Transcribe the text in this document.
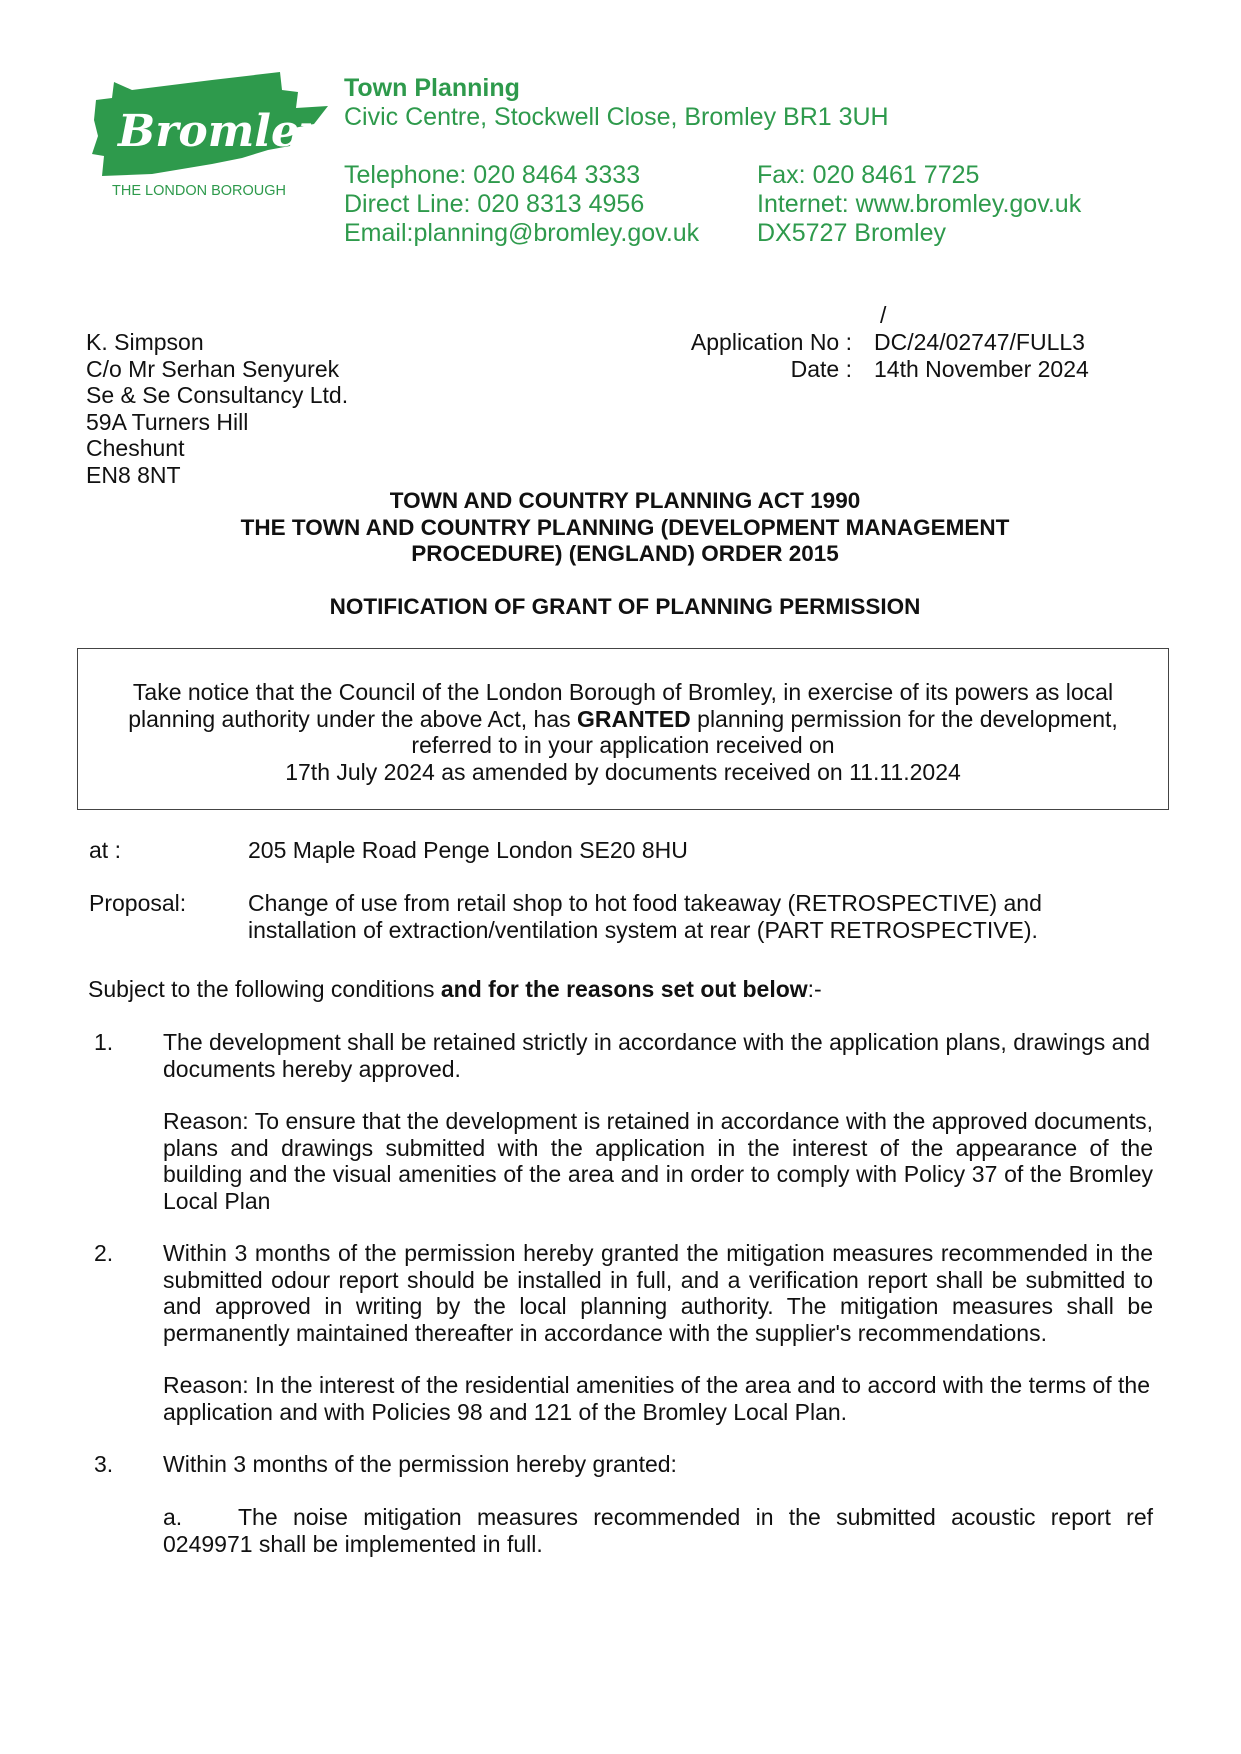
Bromley
THE LONDON BOROUGH
Town Planning
Civic Centre, Stockwell Close, Bromley BR1 3UH
Telephone: 020 8464 3333
Direct Line: 020 8313 4956
Email:planning@bromley.gov.uk
Fax: 020 8461 7725
Internet: www.bromley.gov.uk
DX5727 Bromley
K. Simpson
C/o Mr Serhan Senyurek
Se & Se Consultancy Ltd.
59A Turners Hill
Cheshunt
EN8 8NT
/
Application No :	DC/24/02747/FULL3
Date :	14th November 2024
TOWN AND COUNTRY PLANNING ACT 1990
THE TOWN AND COUNTRY PLANNING (DEVELOPMENT MANAGEMENT
PROCEDURE) (ENGLAND) ORDER 2015
NOTIFICATION OF GRANT OF PLANNING PERMISSION
Take notice that the Council of the London Borough of Bromley, in exercise of its powers as local
planning authority under the above Act, has GRANTED planning permission for the development,
referred to in your application received on
17th July 2024 as amended by documents received on 11.11.2024
at :	205 Maple Road Penge London SE20 8HU
Proposal:	Change of use from retail shop to hot food takeaway (RETROSPECTIVE) and installation of extraction/ventilation system at rear (PART RETROSPECTIVE).
Subject to the following conditions and for the reasons set out below:-
1. The development shall be retained strictly in accordance with the application plans, drawings and documents hereby approved.
Reason: To ensure that the development is retained in accordance with the approved documents, plans and drawings submitted with the application in the interest of the appearance of the building and the visual amenities of the area and in order to comply with Policy 37 of the Bromley Local Plan
2. Within 3 months of the permission hereby granted the mitigation measures recommended in the submitted odour report should be installed in full, and a verification report shall be submitted to and approved in writing by the local planning authority. The mitigation measures shall be permanently maintained thereafter in accordance with the supplier's recommendations.
Reason: In the interest of the residential amenities of the area and to accord with the terms of the application and with Policies 98 and 121 of the Bromley Local Plan.
3. Within 3 months of the permission hereby granted:
a.	The noise mitigation measures recommended in the submitted acoustic report ref 0249971 shall be implemented in full.
